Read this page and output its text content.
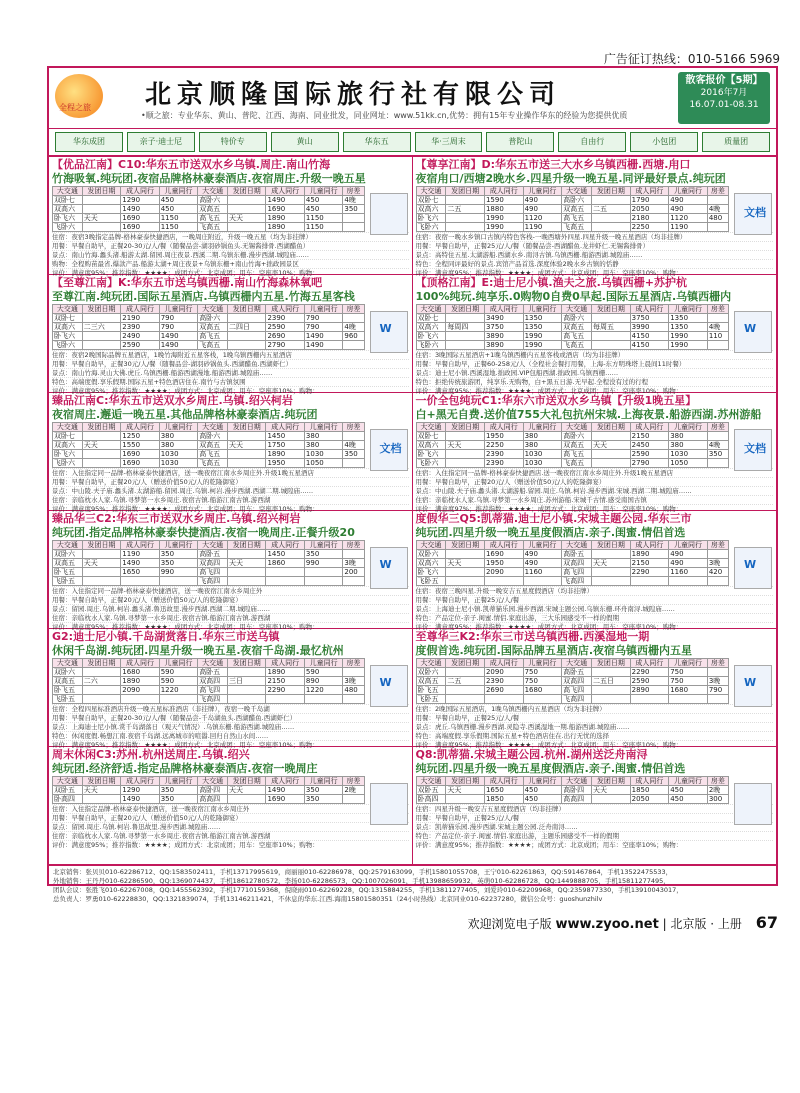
广告征订热线：010-5166 5969
全程之旅 北京顺隆国际旅行社有限公司
•顺之旅：专业华东、黄山、普陀、江西、海南、同业批发，同业网址：www.51kk.cn,优势：拥有15年专业操作华东的经验为您提供优质
散客报价【5期】
2016年7月
16.07.01-08.31
华东成团	亲子·迪士尼	特价专	黄山	华东五	华·三周末	普陀山	自由行	小包团	质量团
【优品江南】C10:华东五市送双水乡乌镇.周庄.南山竹海
竹海吸氧.纯玩团.夜宿品牌格林豪泰酒店.夜宿周庄.升级一晚五星
大交通	发团日期	成人同行	儿童同行	大交通	发团日期	成人同行	儿童同行	房差
双卧七		1290	450	高卧六		1490	450	4晚
双高六		1490	450	双高五		1690	450	350
卧飞六	天天	1690	1150	高飞五	天天	1890	1150	
飞卧六		1690	1150	飞高五		1890	1150	
住宿：夜宿3晚指定品牌-格林豪泰快捷酒店，一晚周庄附近，升级一晚五星（均为非挂牌）
用餐：早餐自助早，正餐20-30元/人/餐（随餐品尝-湖羽砂锅鱼头.无锡酱排骨.西湖醋鱼）
景点：南山竹海.蠡头渚.船游太湖.留园.周庄夜景.西溪二期.乌镇东栅.漫步西湖.城隍庙……
购物：全程购苗最省,爆款产品.船游太湖+周庄夜景+乌镇东栅+南山竹海+拙政园景区
评价：满意度95%；推荐指数：★★★★；成团方式：北京成团；用车：空座率10%；购物：
【尊享江南】D:华东五市送三大水乡乌镇西栅.西塘.甪口
夜宿甪口/西塘2晚水乡.四星升级一晚五星.同评最好景点.纯玩团
大交通	发团日期	成人同行	儿童同行	大交通	发团日期	成人同行	儿童同行	房差
双卧七		1590	490	高卧六		1790	490	
双高六	二五	1880	490	双高五	二五	2050	490	4晚
卧飞六		1990	1120	高飞五		2180	1120	480
飞卧六		1990	1190	飞高五		2250	1190	
文档
住宿：夜宿一晚水乡镇口古镇内特色客栈-一晚西塘外四星.四星升级一晚五星酒店（均非挂牌）
用餐：早餐自助早，正餐25元/人/餐（随餐品尝-西湖醋鱼.龙井虾仁.无锡酱排骨）
景点：高特住五星.太湖游船.西湖水乡.南浔古镇.乌镇西栅.船游西湖.城隍庙……
特色：全程同评最好的景点.宾馆产品首选.深度体验2晚水乡古镇的恬静
评价：满意度95%；推荐指数：★★★★；成团方式：北京成团；用车：空座率10%；购物：
【至尊江南】K:华东五市送乌镇西栅.南山竹海森林氧吧
至尊江南.纯玩团.国际五星酒店.乌镇西栅内五星.竹海五星客栈
大交通	发团日期	成人同行	儿童同行	大交通	发团日期	成人同行	儿童同行	房差
双卧七		2190	790	高卧六		2390	790	
双高六	二三六	2390	790	双高五	二四日	2590	790	4晚
卧飞六		2490	1490	高飞五		2690	1490	960
飞卧六		2590	1490	飞高五		2790	1490	
W
住宿：夜宿2晚国际品牌五星酒店，1晚竹海附近五星客栈，1晚乌镇西栅内五星酒店
用餐：早餐自助早，正餐30元/人/餐（随餐品尝-湖羽砂锅鱼头.西湖醋鱼.西湖虾仁）
景点：南山竹海.灵山大佛.虎丘.乌镇西栅.船游西湖漫地.船游西湖.城隍庙……
特色：高端度假.享乐假期.国际五星+特色酒店住在.南竹与古镇氛围
评价：满意度95%；推荐指数：★★★★；成团方式：北京成团；用车：空座率10%；购物：
【顶格江南】E:迪士尼小镇.渔夫之旅.乌镇西栅+苏护杭
100%纯玩.纯享乐.0购物0自费0早起.国际五星酒店.乌镇西栅内
大交通	发团日期	成人同行	儿童同行	大交通	发团日期	成人同行	儿童同行	房差
双卧七		3490	1350	高卧六		3750	1350	
双高六	每周四	3750	1350	双高五	每周五	3990	1350	4晚
卧飞六		3890	1990	高飞五		4150	1990	110
飞卧六		3890	1990	飞高五		4150	1990	
W
住宿：3晚国际五星酒店+1晚乌镇西栅内五星客栈或酒店（均为非挂牌）
用餐：早餐自助早，正餐60-258元/人（全程社会餐打用餐，上海-东方明珠塔上晨间11时餐）
景点：迪士尼小镇.西溪湿地.拙政园.VIP包船西湖.拙政园.乌镇西栅……
特色：拒绝传统旅游团，纯享乐.无购物，白+黑五日游.无早起.全程没有过的行程
评价：满意度95%；推荐指数：★★★★；成团方式：北京成团；用车：空座率10%；购物：
臻品江南C:华东五市送双水乡周庄.乌镇.绍兴柯岩
夜宿周庄.邂逅一晚五星.其他品牌格林豪泰酒店.纯玩团
大交通	发团日期	成人同行	儿童同行	大交通	发团日期	成人同行	儿童同行	房差
双卧七		1250	380	高卧六		1450	380	
双高六	天天	1550	380	双高五	天天	1750	380	4晚
卧飞六		1690	1030	高飞五		1890	1030	350
飞卧六		1690	1030	飞高五		1950	1050	
文档
住宿：入住指定同一品牌-格林豪泰快捷酒店，送一晚夜宿江南水乡周庄外.升级1晚五星酒店
用餐：早餐自助早，正餐20元/人（赠送价值50元/人的乾隆御宴）
景点：中山陵.夫子庙.蠡头渚.太湖游船.留园.周庄.乌镇.柯岩.漫步西湖.西湖二期.城隍庙……
住宿：亲临枕水人家.乌镇.寻梦第一水乡周庄.夜宿古镇.船游江南古镇.游西湖
评价：满意度95%；推荐指数：★★★★；成团方式：北京成团；用车：空座率10%；购物：
一价全包纯玩C1:华东六市送双水乡乌镇【升级1晚五星】
白+黑无自费.送价值755大礼包抗州宋城.上海夜景.船游西湖.苏州游船
大交通	发团日期	成人同行	儿童同行	大交通	发团日期	成人同行	儿童同行	房差
双卧七		1950	380	高卧六		2150	380	
双高六	天天	2250	380	双高五	天天	2450	380	4晚
卧飞六		2390	1030	高飞五		2590	1030	350
飞卧六		2390	1030	飞高五		2790	1050	
文档
住宿：入住指定同一品牌-格林豪泰快捷酒店.送一晚夜宿江南水乡周庄外.升级1晚五星酒店
用餐：早餐自助早，正餐20元/人（赠送价值50元/人的乾隆御宴）
景点：中山陵.夫子庙.蠡头渚.太湖游船.留园.周庄.乌镇.柯岩.漫步西湖.宋城.西湖二期.城隍庙……
住宿：亲临枕水人家.乌镇.寻梦第一水乡周庄.苏州游船.宋城千古情.感受南国古镇
评价：满意度97%；推荐指数：★★★★；成团方式：北京成团；用车：空座率10%；购物：
臻品华三C2:华东三市送双水乡周庄.乌镇.绍兴柯岩
纯玩团.指定品牌格林豪泰快捷酒店.夜宿一晚周庄.正餐升级20
大交通	发团日期	成人同行	儿童同行	大交通	发团日期	成人同行	儿童同行	房差
双卧六		1190	350	高卧五		1450	350	
双高五	天天	1490	350	双高四	天天	1860	990	3晚
卧飞五		1650	990	高飞四				200
飞卧五				飞高四				
W
住宿：入住指定同一品牌-格林豪泰快捷酒店，送一晚夜宿江南水乡周庄外
用餐：早餐自助早，正餐20元/人（赠送价值50元/人的乾隆御宴）
景点：留园.周庄.乌镇.柯岩.蠡头渚.鲁迅故里.漫步西湖.西湖二期.城隍庙……
住宿：亲临枕水人家.乌镇.寻梦第一水乡周庄.夜宿古镇.船游江南古镇.游西湖
评价：满意度95%；推荐指数：★★★★；成团方式：北京成团；用车：空座率10%；购物：
度假华三Q5:凯蒂猫.迪士尼小镇.宋城主题公园.华东三市
纯玩团.四星升级一晚五星度假酒店.亲子.闺蜜.情侣首选
大交通	发团日期	成人同行	儿童同行	大交通	发团日期	成人同行	儿童同行	房差
双卧六		1690	490	高卧五		1890	490	
双高六	天天	1950	490	双高四	天天	2150	490	3晚
卧飞六		2090	1160	高飞四		2290	1160	420
飞卧五				飞高四				
W
住宿：夜宿三晚四星.升级一晚安吉五星度假酒店（均非挂牌）
用餐：早餐自助早，正餐25元/人/餐
景点：上海迪士尼小镇.凯蒂猫乐园.漫步西湖.宋城主题公园.乌镇东栅.环舟南浔.城隍庙……
特色：产品定位-亲子.闺蜜.情侣.家庭出游，三大乐园感受不一样的假期
评价：满意度95%；推荐指数：★★★★；成团方式：北京成团；用车：空座率10%；购物：
G2:迪士尼小镇.千岛湖赏落日.华东三市送乌镇
休闲千岛湖.纯玩团.四星升级一晚五星.夜宿千岛湖.最忆杭州
大交通	发团日期	成人同行	儿童同行	大交通	发团日期	成人同行	儿童同行	房差
双卧六		1680	590	高卧五		1890	590	
双高五	二六	1890	590	双高四	三日	2150	890	3晚
卧飞五		2090	1220	高飞四		2290	1220	480
飞卧五				飞高四				
W
住宿：全程四星标准酒店升级一晚五星标准酒店（非挂牌），夜宿一晚千岛湖
用餐：早餐自助早，正餐20-30元/人/餐（随餐品尝-千岛湖鱼头.西湖醋鱼.西湖虾仁）
景点：上海迪士尼小镇.赏千岛湖落日（观天气情况）.乌镇东栅.船游西湖.城隍庙……
特色：休闲度假.畅想江南.夜宿千岛湖.远离城市的喧嚣.回归自然山水间……
评价：满意度95%；推荐指数：★★★★；成团方式：北京成团；用车：空座率10%；购物：
至尊华三K2:华东三市送乌镇西栅.西溪湿地一期
度假首选.纯玩团.国际品牌五星酒店.夜宿乌镇西栅内五星
大交通	发团日期	成人同行	儿童同行	大交通	发团日期	成人同行	儿童同行	房差
双卧六		2090	750	高卧五		2290	750	
双高五	二五	2390	750	双高四	二五日	2590	750	3晚
卧飞五		2690	1680	高飞四		2890	1680	790
飞卧五				飞高四				
W
住宿：2晚国际五星酒店，1晚乌镇西栅内五星酒店（均为非挂牌）
用餐：早餐自助早，正餐25元/人/餐
景点：虎丘.乌镇西栅.漫步西湖.灵隐寺.西溪湿地一期.船游西湖.城隍庙……
特色：高端度假.享乐假期.国际五星+特色酒店住在.出行无忧的选择
评价：满意度95%；推荐指数：★★★★；成团方式：北京成团；用车：空座率10%；购物：
周末休闲C3:苏州.杭州送周庄.乌镇.绍兴
纯玩团.经济舒适.指定品牌格林豪泰酒店.夜宿一晚周庄
大交通	发团日期	成人同行	儿童同行	大交通	发团日期	成人同行	儿童同行	房差
双卧五	天天	1290	350	高卧四	天天	1490	350	2晚
卧高四		1490	350	高高四		1690	350	
住宿：入住指定品牌-格林豪泰快捷酒店，送一晚夜宿江南水乡周庄外
用餐：早餐自助早，正餐20元/人（赠送价值50元/人的乾隆御宴）
景点：留园.周庄.乌镇.柯岩.鲁迅故里.漫步西湖.城隍庙……
住宿：亲临枕水人家.乌镇.寻梦第一水乡周庄.夜宿古镇.船游江南古镇.游西湖
评价：满意度95%；推荐指数：★★★★；成团方式：北京成团；用车：空座率10%；购物：
Q8:凯蒂猫.宋城主题公园.杭州.湖州送泛舟南浔
纯玩团.四星升级一晚五星度假酒店.亲子.闺蜜.情侣首选
大交通	发团日期	成人同行	儿童同行	大交通	发团日期	成人同行	儿童同行	房差
双卧五	天天	1650	450	高卧四	天天	1850	450	2晚
卧高四		1850	450	高高四		2050	450	300
住宿：四星升级一晚安吉五星度假酒店（均非挂牌）
用餐：早餐自助早，正餐25元/人/餐
景点：凯蒂猫乐园.漫步西湖.宋城主题公园.泛舟南浔……
特色：产品定位-亲子.闺蜜.情侣.家庭出游，主题乐园感受不一样的假期
评价：满意度95%；推荐指数：★★★★；成团方式：北京成团；用车：空座率10%；购物：
北京销售：张贝贝010-62286712、QQ:1583502411，手机13717995619，商丽丽010-62286978、QQ:2579163099，手机15801055708，王宁010-62261863，QQ:591467864，手机13522475533，
外地销售：王丹丹010-62286590，QQ:1369074437，手机18612780572，李扬010-62286573，QQ:1007026091，手机13988659932，英萌010-62286728，QQ:1449888705，手机15811277495，
团队会议：张胜飞010-62267008，QQ:1455562392，手机17710159368，倪晓雨010-62269228，QQ:1315884255，手机13811277405，刘爱玲010-62209968，QQ:2359877330，手机13910043017，
总负责人：罗勇010-62228830，QQ:1321839074，手机13146211421，不休息的华东.江西.海南15801580351（24小时热线）北京同业010-62237280，微信公众号：guoshunzhilv
欢迎浏览电子版 www.zyoo.net | 北京版 · 上册 67
